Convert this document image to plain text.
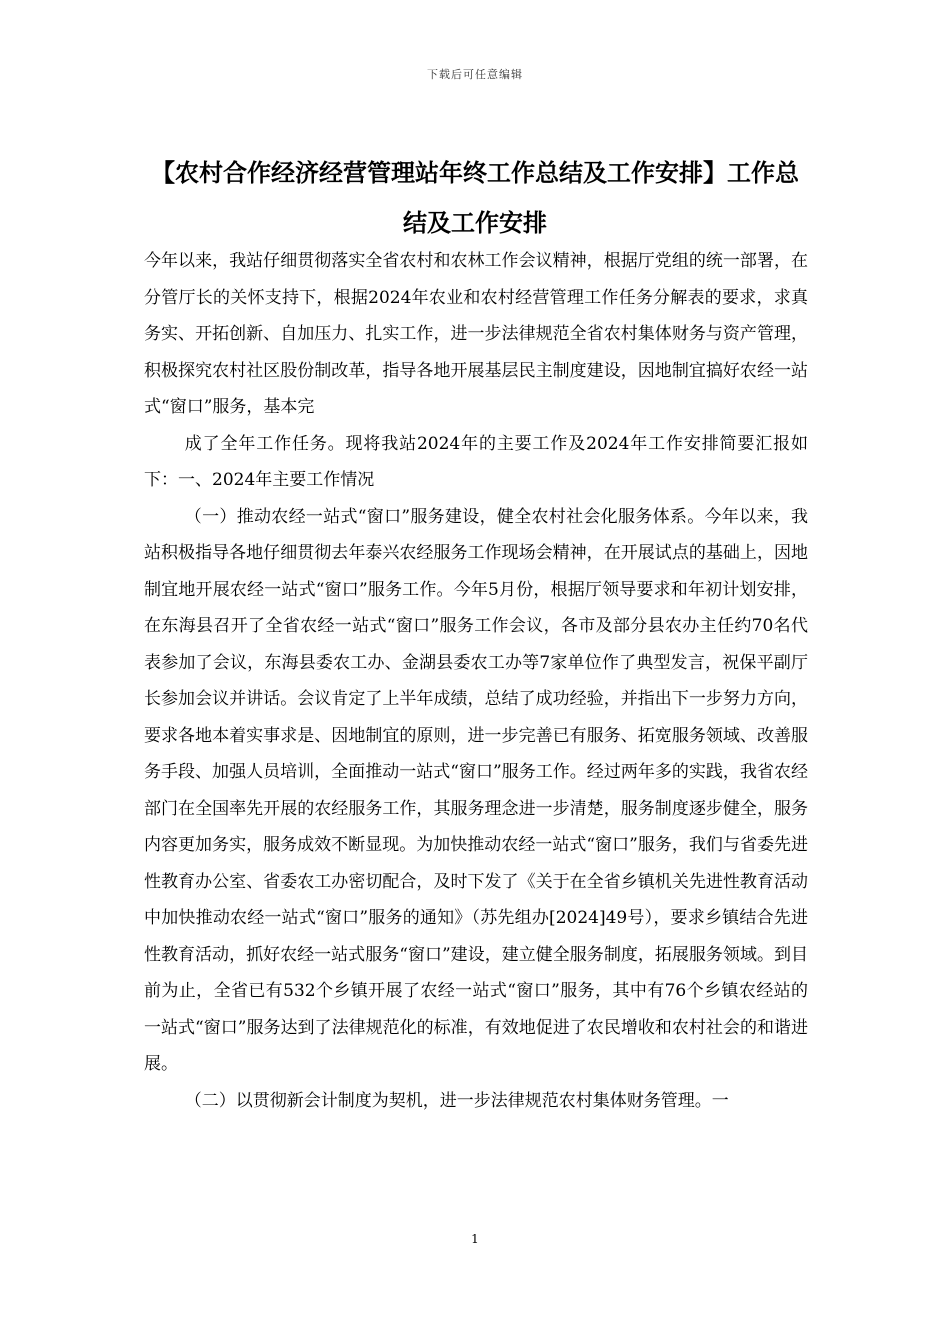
下载后可任意编辑
【农村合作经济经营管理站年终工作总结及工作安排】工作总结及工作安排

今年以来，我站仔细贯彻落实全省农村和农林工作会议精神，根据厅党组的统一部署，在分管厅长的关怀支持下，根据2024年农业和农村经营管理工作任务分解表的要求，求真务实、开拓创新、自加压力、扎实工作，进一步法律规范全省农村集体财务与资产管理，积极探究农村社区股份制改革，指导各地开展基层民主制度建设，因地制宜搞好农经一站式“窗口”服务，基本完

成了全年工作任务。现将我站2024年的主要工作及2024年工作安排简要汇报如下：一、2024年主要工作情况

（一）推动农经一站式“窗口”服务建设，健全农村社会化服务体系。今年以来，我站积极指导各地仔细贯彻去年泰兴农经服务工作现场会精神，在开展试点的基础上，因地制宜地开展农经一站式“窗口”服务工作。今年5月份，根据厅领导要求和年初计划安排，在东海县召开了全省农经一站式“窗口”服务工作会议，各市及部分县农办主任约70名代表参加了会议，东海县委农工办、金湖县委农工办等7家单位作了典型发言，祝保平副厅长参加会议并讲话。会议肯定了上半年成绩，总结了成功经验，并指出下一步努力方向，要求各地本着实事求是、因地制宜的原则，进一步完善已有服务、拓宽服务领域、改善服务手段、加强人员培训，全面推动一站式“窗口”服务工作。经过两年多的实践，我省农经部门在全国率先开展的农经服务工作，其服务理念进一步清楚，服务制度逐步健全，服务内容更加务实，服务成效不断显现。为加快推动农经一站式“窗口”服务，我们与省委先进性教育办公室、省委农工办密切配合，及时下发了《关于在全省乡镇机关先进性教育活动中加快推动农经一站式“窗口”服务的通知》（苏先组办[2024]49号），要求乡镇结合先进性教育活动，抓好农经一站式服务“窗口”建设，建立健全服务制度，拓展服务领域。到目前为止，全省已有532个乡镇开展了农经一站式“窗口”服务，其中有76个乡镇农经站的一站式“窗口”服务达到了法律规范化的标准，有效地促进了农民增收和农村社会的和谐进展。

（二）以贯彻新会计制度为契机，进一步法律规范农村集体财务管理。一

1
